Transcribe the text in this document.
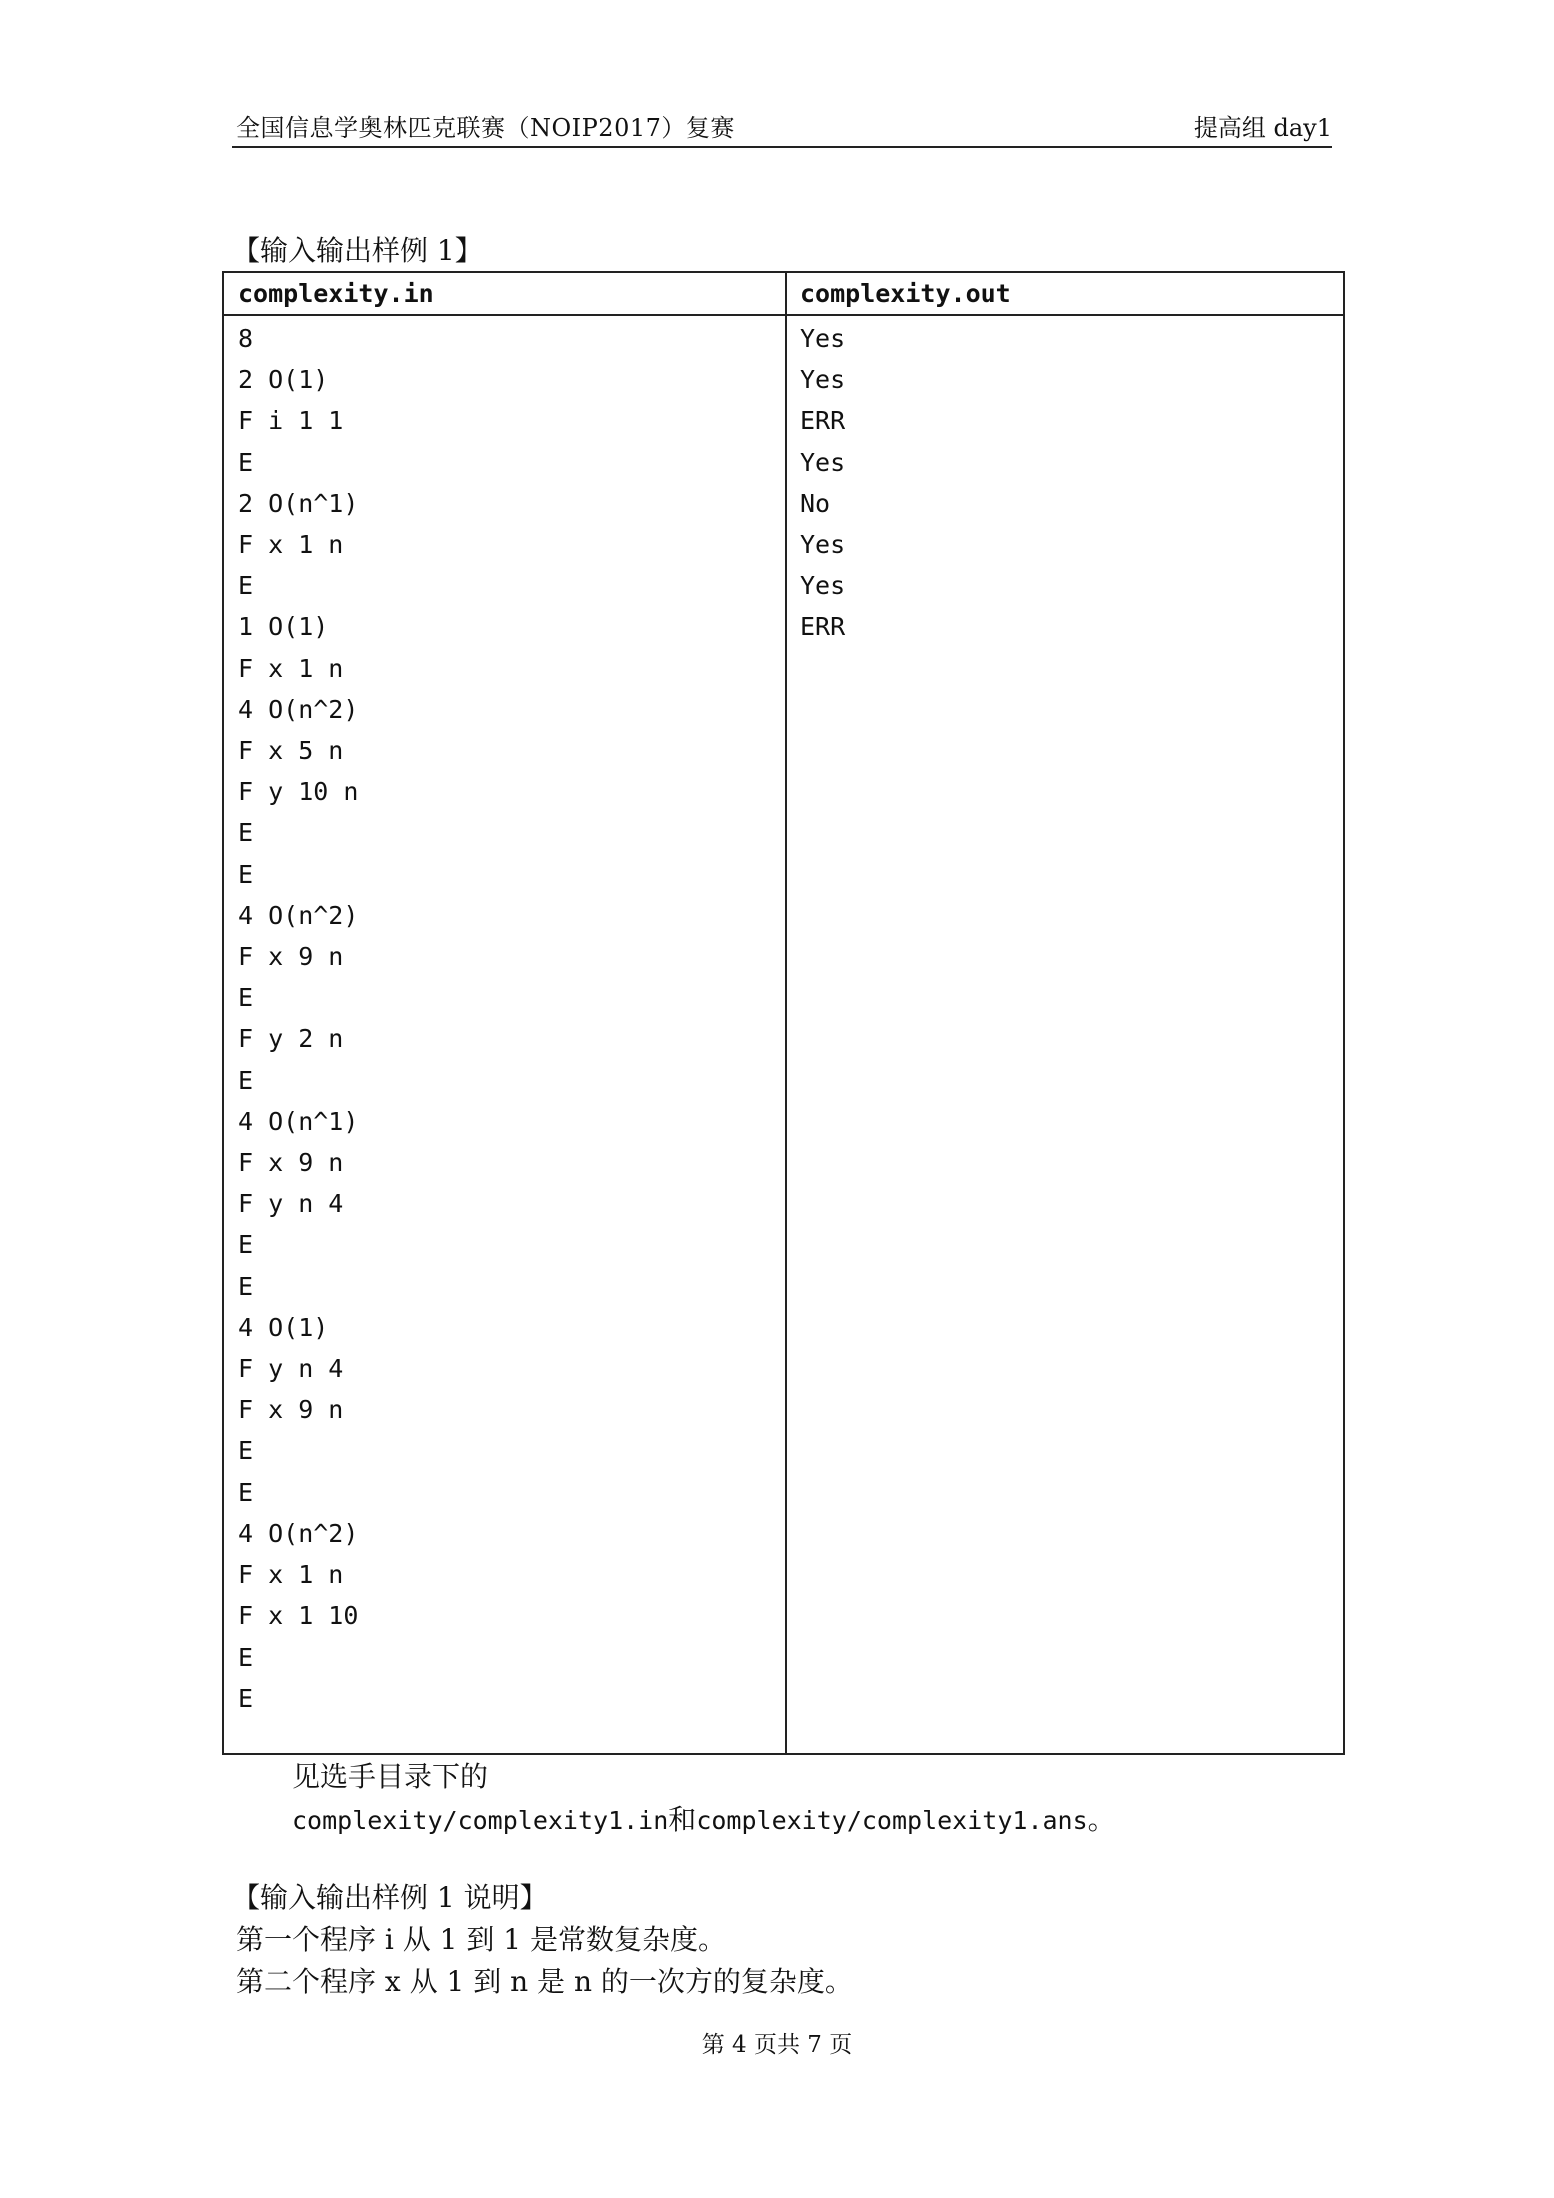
全国信息学奥林匹克联赛（NOIP2017）复赛	提高组 day1
【输入输出样例 1】
complexity.in	complexity.out
8
2 O(1)
F i 1 1
E
2 O(n^1)
F x 1 n
E
1 O(1)
F x 1 n
4 O(n^2)
F x 5 n
F y 10 n
E
E
4 O(n^2)
F x 9 n
E
F y 2 n
E
4 O(n^1)
F x 9 n
F y n 4
E
E
4 O(1)
F y n 4
F x 9 n
E
E
4 O(n^2)
F x 1 n
F x 1 10
E
E
Yes
Yes
ERR
Yes
No
Yes
Yes
ERR
见选手目录下的
complexity/complexity1.in和complexity/complexity1.ans。
【输入输出样例 1 说明】
第一个程序 i 从 1 到 1 是常数复杂度。
第二个程序 x 从 1 到 n 是 n 的一次方的复杂度。
第 4 页共 7 页
